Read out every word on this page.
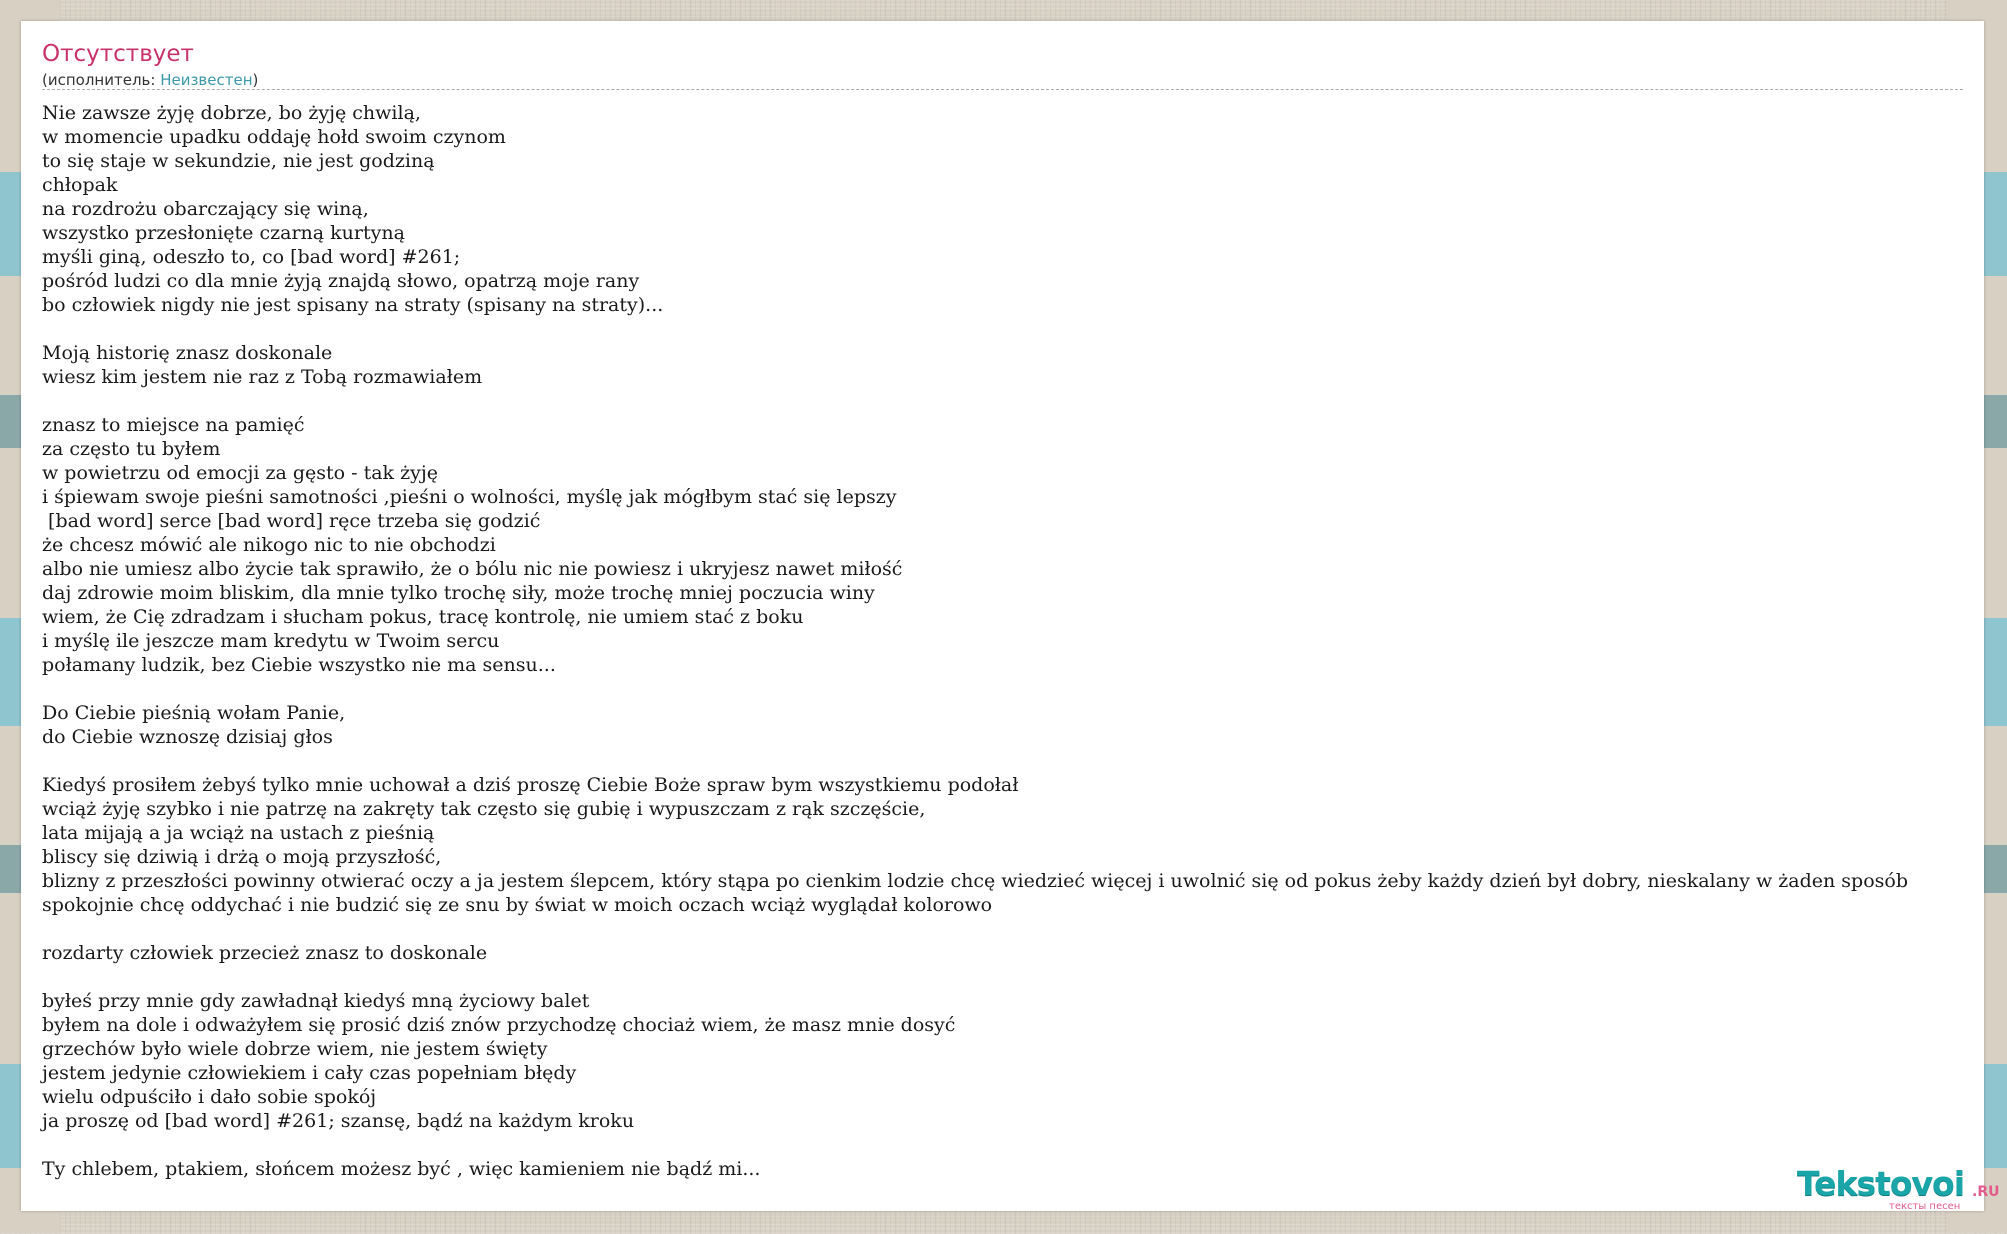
Отсутствует
(исполнитель: Неизвестен)
Nie zawsze żyję dobrze, bo żyję chwilą,
w momencie upadku oddaję hołd swoim czynom
to się staje w sekundzie, nie jest godziną
chłopak
na rozdrożu obarczający się winą,
wszystko przesłonięte czarną kurtyną
myśli giną, odeszło to, co [bad word] #261;
pośród ludzi co dla mnie żyją znajdą słowo, opatrzą moje rany
bo człowiek nigdy nie jest spisany na straty (spisany na straty)...

Moją historię znasz doskonale
wiesz kim jestem nie raz z Tobą rozmawiałem

znasz to miejsce na pamięć
za często tu byłem
w powietrzu od emocji za gęsto - tak żyję
i śpiewam swoje pieśni samotności ,pieśni o wolności, myślę jak mógłbym stać się lepszy
[bad word] serce [bad word] ręce trzeba się godzić
że chcesz mówić ale nikogo nic to nie obchodzi
albo nie umiesz albo życie tak sprawiło, że o bólu nic nie powiesz i ukryjesz nawet miłość
daj zdrowie moim bliskim, dla mnie tylko trochę siły, może trochę mniej poczucia winy
wiem, że Cię zdradzam i słucham pokus, tracę kontrolę, nie umiem stać z boku
i myślę ile jeszcze mam kredytu w Twoim sercu
połamany ludzik, bez Ciebie wszystko nie ma sensu...

Do Ciebie pieśnią wołam Panie,
do Ciebie wznoszę dzisiaj głos

Kiedyś prosiłem żebyś tylko mnie uchował a dziś proszę Ciebie Boże spraw bym wszystkiemu podołał
wciąż żyję szybko i nie patrzę na zakręty tak często się gubię i wypuszczam z rąk szczęście,
lata mijają a ja wciąż na ustach z pieśnią
bliscy się dziwią i drżą o moją przyszłość,
blizny z przeszłości powinny otwierać oczy a ja jestem ślepcem, który stąpa po cienkim lodzie chcę wiedzieć więcej i uwolnić się od pokus żeby każdy dzień był dobry, nieskalany w żaden sposób
spokojnie chcę oddychać i nie budzić się ze snu by świat w moich oczach wciąż wyglądał kolorowo

rozdarty człowiek przecież znasz to doskonale

byłeś przy mnie gdy zawładnął kiedyś mną życiowy balet
byłem na dole i odważyłem się prosić dziś znów przychodzę chociaż wiem, że masz mnie dosyć
grzechów było wiele dobrze wiem, nie jestem święty
jestem jedynie człowiekiem i cały czas popełniam błędy
wielu odpuściło i dało sobie spokój
ja proszę od [bad word] #261; szansę, bądź na każdym kroku

Ty chlebem, ptakiem, słońcem możesz być , więc kamieniem nie bądź mi...	Tekstovoi .RU
тексты песен
